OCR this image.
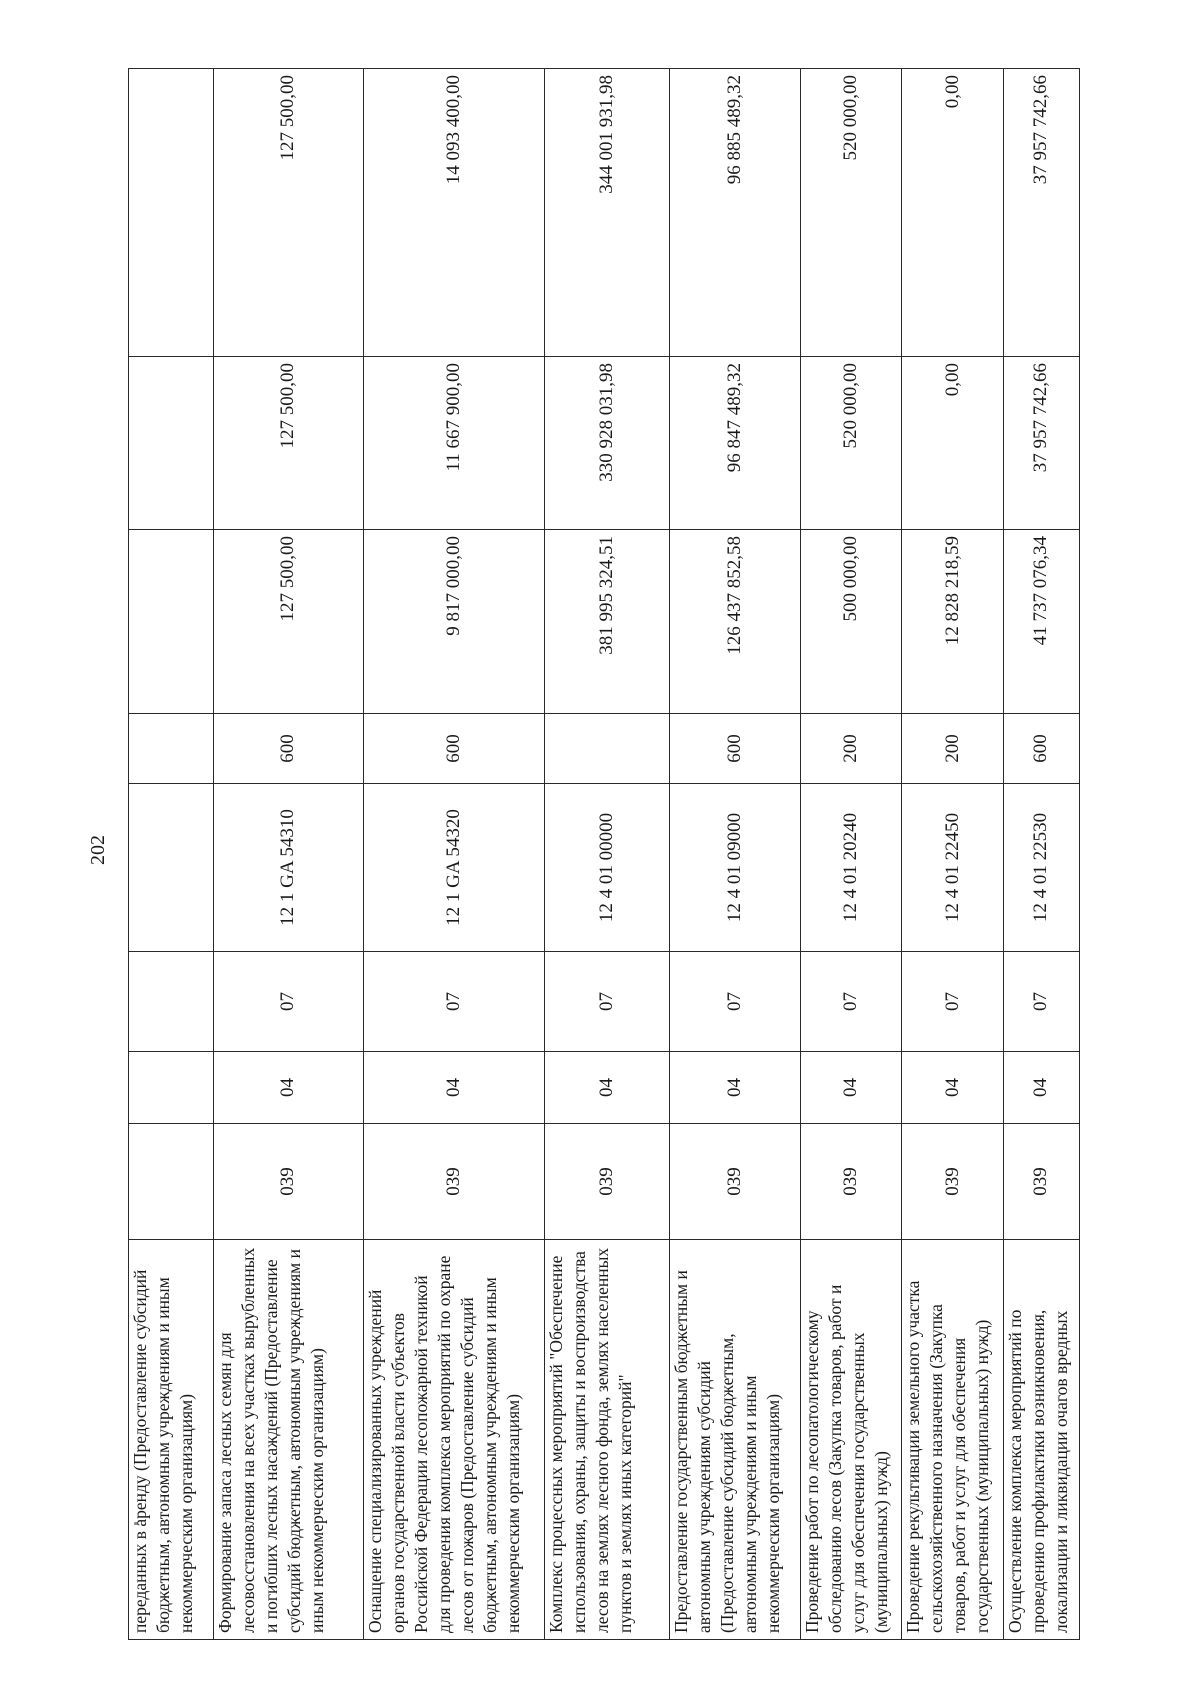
202
переданных в аренду (Предоставление субсидий бюджетным, автономным учреждениям и иным некоммерческим организациям)								
Формирование запаса лесных семян для лесовосстановления на всех участках вырубленных и погибших лесных насаждений (Предоставление субсидий бюджетным, автономным учреждениям и иным некоммерческим организациям)	039	04	07	12 1 GA 54310	600	127 500,00	127 500,00	127 500,00
Оснащение специализированных учреждений органов государственной власти субъектов Российской Федерации лесопожарной техникой для проведения комплекса мероприятий по охране лесов от пожаров (Предоставление субсидий бюджетным, автономным учреждениям и иным некоммерческим организациям)	039	04	07	12 1 GA 54320	600	9 817 000,00	11 667 900,00	14 093 400,00
Комплекс процессных мероприятий "Обеспечение использования, охраны, защиты и воспроизводства лесов на землях лесного фонда, землях населенных пунктов и землях иных категорий"	039	04	07	12 4 01 00000		381 995 324,51	330 928 031,98	344 001 931,98
Предоставление государственным бюджетным и автономным учреждениям субсидий (Предоставление субсидий бюджетным, автономным учреждениям и иным некоммерческим организациям)	039	04	07	12 4 01 09000	600	126 437 852,58	96 847 489,32	96 885 489,32
Проведение работ по лесопатологическому обследованию лесов (Закупка товаров, работ и услуг для обеспечения государственных (муниципальных) нужд)	039	04	07	12 4 01 20240	200	500 000,00	520 000,00	520 000,00
Проведение рекультивации земельного участка сельскохозяйственного назначения (Закупка товаров, работ и услуг для обеспечения государственных (муниципальных) нужд)	039	04	07	12 4 01 22450	200	12 828 218,59	0,00	0,00
Осуществление комплекса мероприятий по проведению профилактики возникновения, локализации и ликвидации очагов вредных	039	04	07	12 4 01 22530	600	41 737 076,34	37 957 742,66	37 957 742,66
